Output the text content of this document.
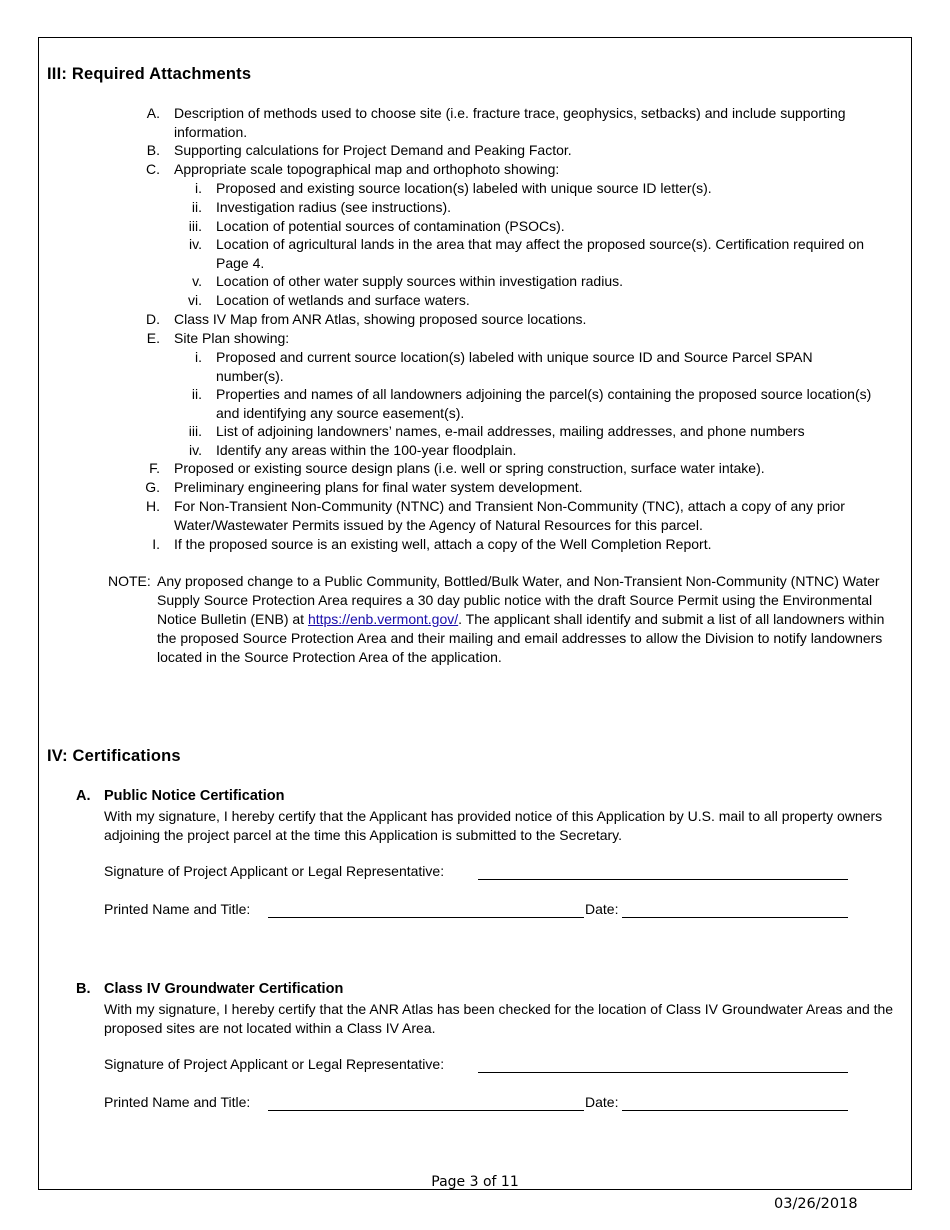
III: Required Attachments
A. Description of methods used to choose site (i.e. fracture trace, geophysics, setbacks) and include supporting information.
B. Supporting calculations for Project Demand and Peaking Factor.
C. Appropriate scale topographical map and orthophoto showing:
i. Proposed and existing source location(s) labeled with unique source ID letter(s).
ii. Investigation radius (see instructions).
iii. Location of potential sources of contamination (PSOCs).
iv. Location of agricultural lands in the area that may affect the proposed source(s). Certification required on Page 4.
v. Location of other water supply sources within investigation radius.
vi. Location of wetlands and surface waters.
D. Class IV Map from ANR Atlas, showing proposed source locations.
E. Site Plan showing:
i. Proposed and current source location(s) labeled with unique source ID and Source Parcel SPAN number(s).
ii. Properties and names of all landowners adjoining the parcel(s) containing the proposed source location(s) and identifying any source easement(s).
iii. List of adjoining landowners’ names, e-mail addresses, mailing addresses, and phone numbers
iv. Identify any areas within the 100-year floodplain.
F. Proposed or existing source design plans (i.e. well or spring construction, surface water intake).
G. Preliminary engineering plans for final water system development.
H. For Non-Transient Non-Community (NTNC) and Transient Non-Community (TNC), attach a copy of any prior Water/Wastewater Permits issued by the Agency of Natural Resources for this parcel.
I. If the proposed source is an existing well, attach a copy of the Well Completion Report.
NOTE: Any proposed change to a Public Community, Bottled/Bulk Water, and Non-Transient Non-Community (NTNC) Water Supply Source Protection Area requires a 30 day public notice with the draft Source Permit using the Environmental Notice Bulletin (ENB) at https://enb.vermont.gov/. The applicant shall identify and submit a list of all landowners within the proposed Source Protection Area and their mailing and email addresses to allow the Division to notify landowners located in the Source Protection Area of the application.
IV: Certifications
A. Public Notice Certification
With my signature, I hereby certify that the Applicant has provided notice of this Application by U.S. mail to all property owners adjoining the project parcel at the time this Application is submitted to the Secretary.
Signature of Project Applicant or Legal Representative:
Printed Name and Title:	Date:
B. Class IV Groundwater Certification
With my signature, I hereby certify that the ANR Atlas has been checked for the location of Class IV Groundwater Areas and the proposed sites are not located within a Class IV Area.
Signature of Project Applicant or Legal Representative:
Printed Name and Title:	Date:
Page 3 of 11
03/26/2018
